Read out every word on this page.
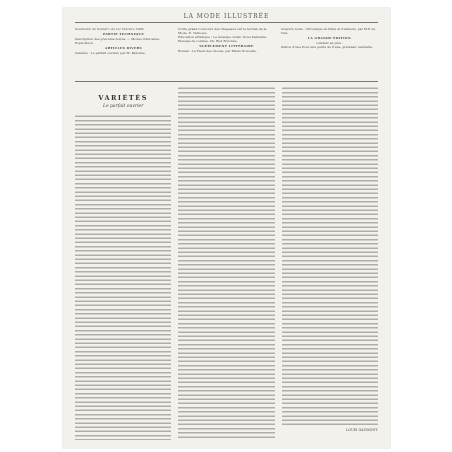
LA MODE ILLUSTRÉE
Sommaire du Numéro du 1er Octobre 1909.
PARTIE TECHNIQUE
Description des gravures noires. — Modes d'automne. Explication.
ARTICLES DIVERS
Variétés : Le parfait ouvrier, par M. Batonne.
Notre grand Concours des Chapeaux sur le terrain de la Mode. E. Tarnowe.
Éducation artistique : Le musique vivait, Nous Parisiens.
Élevage de cosmes. Ch. Bud Boronne.
SUPPLÉMENT LITTÉRAIRE
Roman : La Fleur des choses, par Marie Nouvelle.
Gravure noire : Chronique de Paris et d'ailleurs, par M.P. de Neu.
LA GRANDE ÉDITION
contient en plus :
Patron d'une Pour une petite de 8 ans, grandeur naturelle.
VARIÉTÉS
Le parfait ouvrier
LOUIS GAUMONT.
